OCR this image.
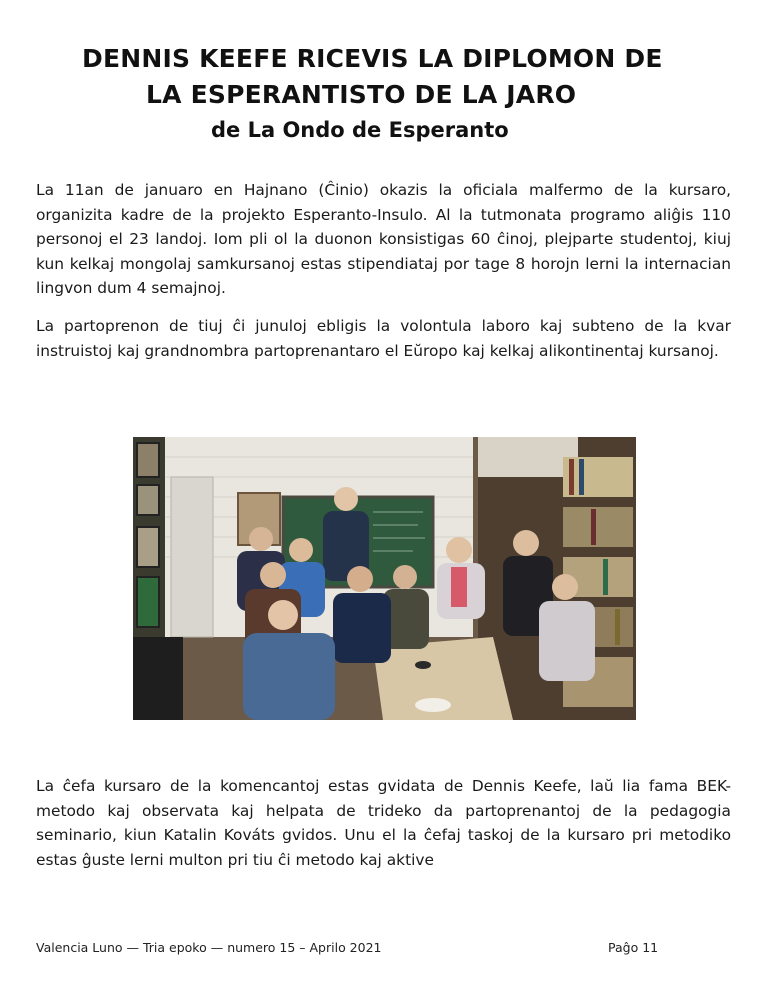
DENNIS KEEFE RICEVIS LA DIPLOMON DE
LA ESPERANTISTO DE LA JARO
de La Ondo de Esperanto

La 11an de januaro en Hajnano (Ĉinio) okazis la oficiala malfermo de la kursaro, organizita kadre de la projekto Esperanto-Insulo. Al la tutmonata programo aliĝis 110 personoj el 23 landoj. Iom pli ol la duonon konsistigas 60 ĉinoj, plejparte studentoj, kiuj kun kelkaj mongolaj samkursanoj estas stipendiataj por tage 8 horojn lerni la internacian lingvon dum 4 semajnoj.

La partoprenon de tiuj ĉi junuloj ebligis la volontula laboro kaj subteno de la kvar instruistoj kaj grandnombra partoprenantaro el Eŭropo kaj kelkaj alikontinentaj kursanoj.

La ĉefa kursaro de la komencantoj estas gvidata de Dennis Keefe, laŭ lia fama BEK-metodo kaj observata kaj helpata de trideko da partoprenantoj de la pedagogia seminario, kiun Katalin Kováts gvidos. Unu el la ĉefaj taskoj de la kursaro pri metodiko estas ĝuste lerni multon pri tiu ĉi metodo kaj aktive

Valencia Luno — Tria epoko — numero 15 – Aprilo 2021	Paĝo 11
